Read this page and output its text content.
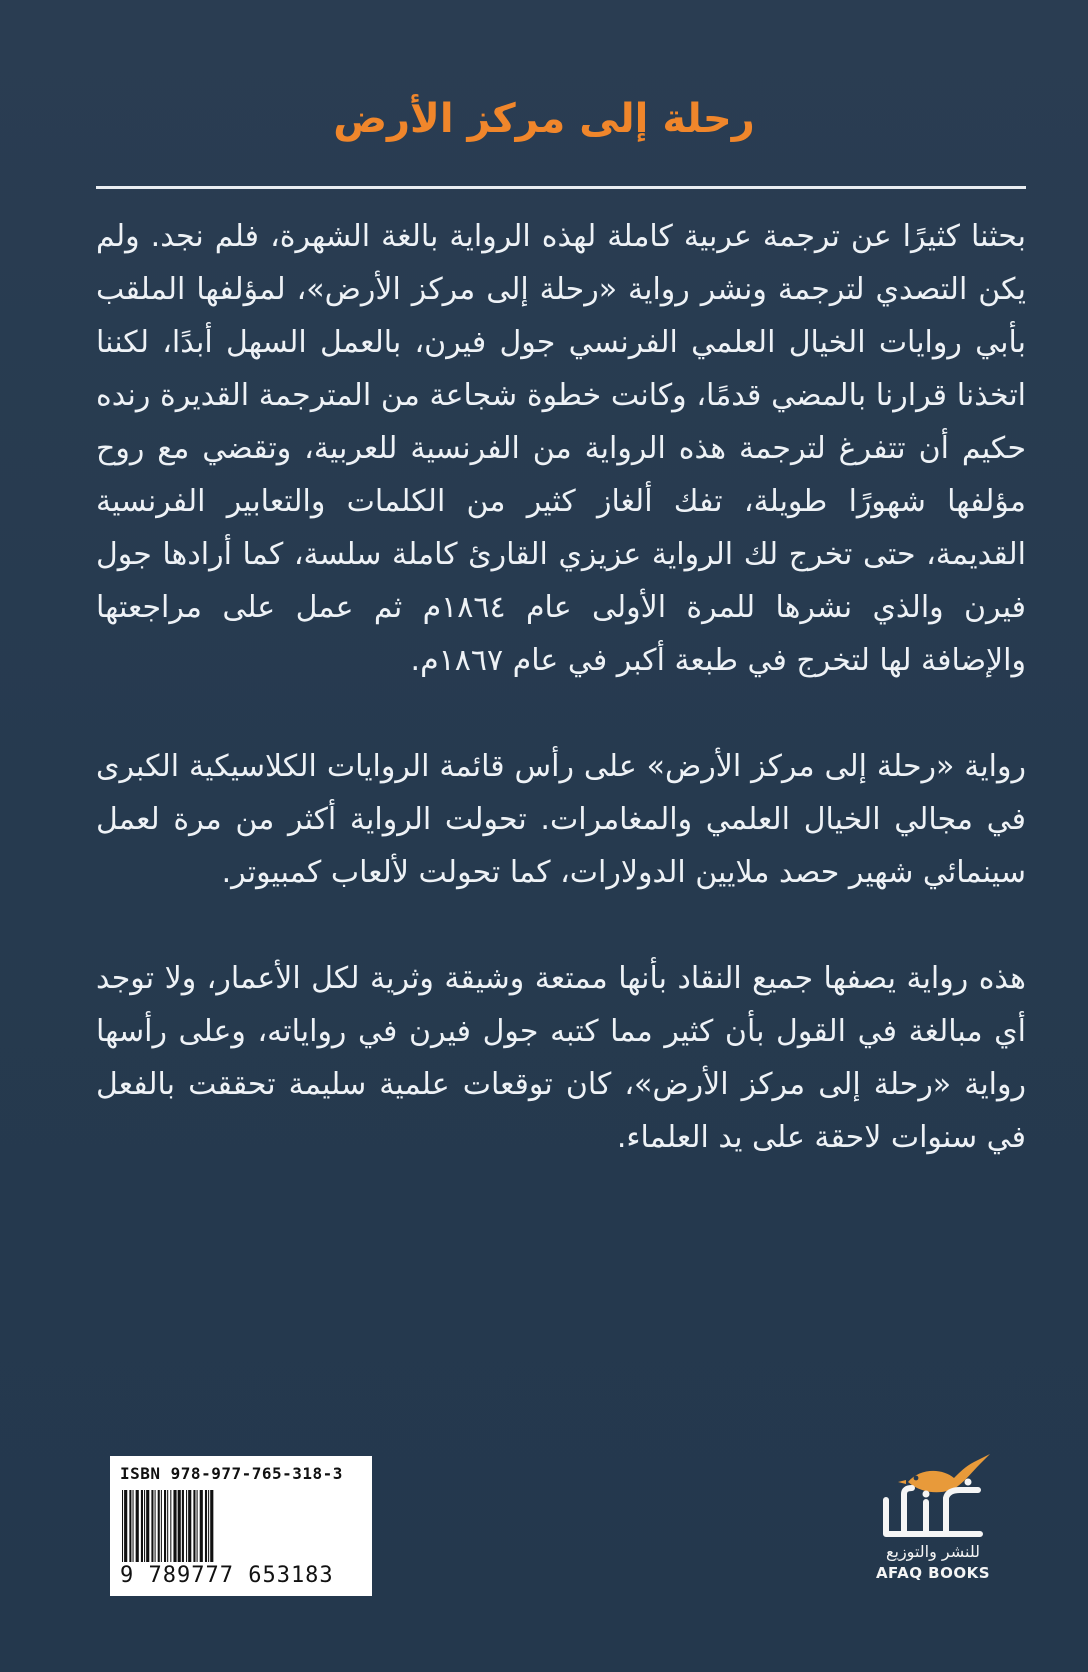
رحلة إلى مركز الأرض

بحثنا كثيرًا عن ترجمة عربية كاملة لهذه الرواية بالغة الشهرة، فلم نجد. ولم يكن التصدي لترجمة ونشر رواية «رحلة إلى مركز الأرض»، لمؤلفها الملقب بأبي روايات الخيال العلمي الفرنسي جول فيرن، بالعمل السهل أبدًا، لكننا اتخذنا قرارنا بالمضي قدمًا، وكانت خطوة شجاعة من المترجمة القديرة رنده حكيم أن تتفرغ لترجمة هذه الرواية من الفرنسية للعربية، وتقضي مع روح مؤلفها شهورًا طويلة، تفك ألغاز كثير من الكلمات والتعابير الفرنسية القديمة، حتى تخرج لك الرواية عزيزي القارئ كاملة سلسة، كما أرادها جول فيرن والذي نشرها للمرة الأولى عام ١٨٦٤م ثم عمل على مراجعتها والإضافة لها لتخرج في طبعة أكبر في عام ١٨٦٧م.

رواية «رحلة إلى مركز الأرض» على رأس قائمة الروايات الكلاسيكية الكبرى في مجالي الخيال العلمي والمغامرات. تحولت الرواية أكثر من مرة لعمل سينمائي شهير حصد ملايين الدولارات، كما تحولت لألعاب كمبيوتر.

هذه رواية يصفها جميع النقاد بأنها ممتعة وشيقة وثرية لكل الأعمار، ولا توجد أي مبالغة في القول بأن كثير مما كتبه جول فيرن في رواياته، وعلى رأسها رواية «رحلة إلى مركز الأرض»، كان توقعات علمية سليمة تحققت بالفعل في سنوات لاحقة على يد العلماء.

ISBN 978-977-765-318-3
9 789777 653183
للنشر والتوزيع
AFAQ BOOKS
